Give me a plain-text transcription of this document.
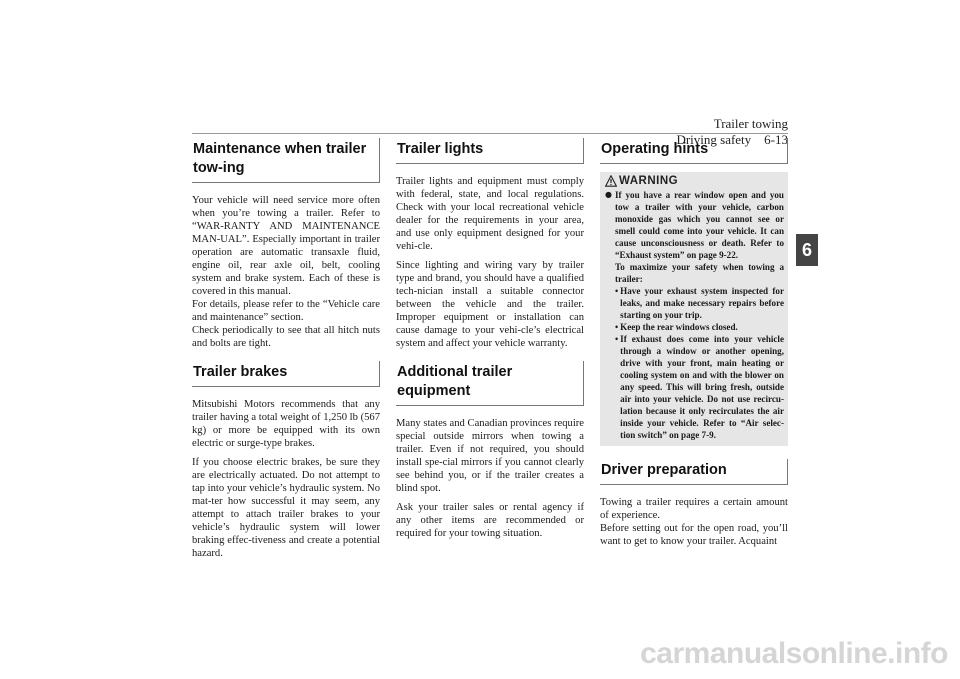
Trailer towing
Driving safety    6-13
6
Maintenance when trailer tow-ing

Your vehicle will need service more often when you’re towing a trailer. Refer to “WAR-RANTY AND MAINTENANCE MAN-UAL”. Especially important in trailer operation are automatic transaxle fluid, engine oil, rear axle oil, belt, cooling system and brake system. Each of these is covered in this manual.

For details, please refer to the “Vehicle care and maintenance” section.

Check periodically to see that all hitch nuts and bolts are tight.

Trailer brakes

Mitsubishi Motors recommends that any trailer having a total weight of 1,250 lb (567 kg) or more be equipped with its own electric or surge-type brakes.

If you choose electric brakes, be sure they are electrically actuated. Do not attempt to tap into your vehicle’s hydraulic system. No mat-ter how successful it may seem, any attempt to attach trailer brakes to your vehicle’s hydraulic system will lower braking effec-tiveness and create a potential hazard.

Trailer lights

Trailer lights and equipment must comply with federal, state, and local regulations. Check with your local recreational vehicle dealer for the requirements in your area, and use only equipment designed for your vehi-cle.

Since lighting and wiring vary by trailer type and brand, you should have a qualified tech-nician install a suitable connector between the vehicle and the trailer. Improper equipment or installation can cause damage to your vehi-cle’s electrical system and affect your vehicle warranty.

Additional trailer equipment

Many states and Canadian provinces require special outside mirrors when towing a trailer. Even if not required, you should install spe-cial mirrors if you cannot clearly see behind you, or if the trailer creates a blind spot.

Ask your trailer sales or rental agency if any other items are recommended or required for your towing situation.

Operating hints
WARNING
● If you have a rear window open and you tow a trailer with your vehicle, carbon monoxide gas which you cannot see or smell could come into your vehicle. It can cause unconsciousness or death. Refer to “Exhaust system” on page 9-22.
To maximize your safety when towing a trailer:
• Have your exhaust system inspected for leaks, and make necessary repairs before starting on your trip.
• Keep the rear windows closed.
• If exhaust does come into your vehicle through a window or another opening, drive with your front, main heating or cooling system on and with the blower on any speed. This will bring fresh, outside air into your vehicle. Do not use recircu-lation because it only recirculates the air inside your vehicle. Refer to “Air selec-tion switch” on page 7-9.
Driver preparation

Towing a trailer requires a certain amount of experience.

Before setting out for the open road, you’ll want to get to know your trailer. Acquaint

carmanualsonline.info
